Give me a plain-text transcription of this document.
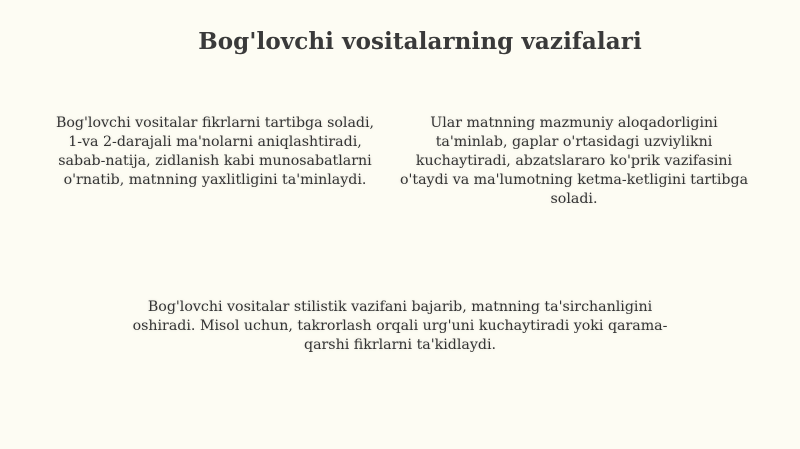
Bog'lovchi vositalarning vazifalari

Bog'lovchi vositalar fikrlarni tartibga soladi, 1-va 2-darajali ma'nolarni aniqlashtiradi, sabab-natija, zidlanish kabi munosabatlarni o'rnatib, matnning yaxlitligini ta'minlaydi.

Ular matnning mazmuniy aloqadorligini ta'minlab, gaplar o'rtasidagi uzviylikni kuchaytiradi, abzatslararo ko'prik vazifasini o'taydi va ma'lumotning ketma-ketligini tartibga soladi.

Bog'lovchi vositalar stilistik vazifani bajarib, matnning ta'sirchanligini oshiradi. Misol uchun, takrorlash orqali urg'uni kuchaytiradi yoki qarama-qarshi fikrlarni ta'kidlaydi.
